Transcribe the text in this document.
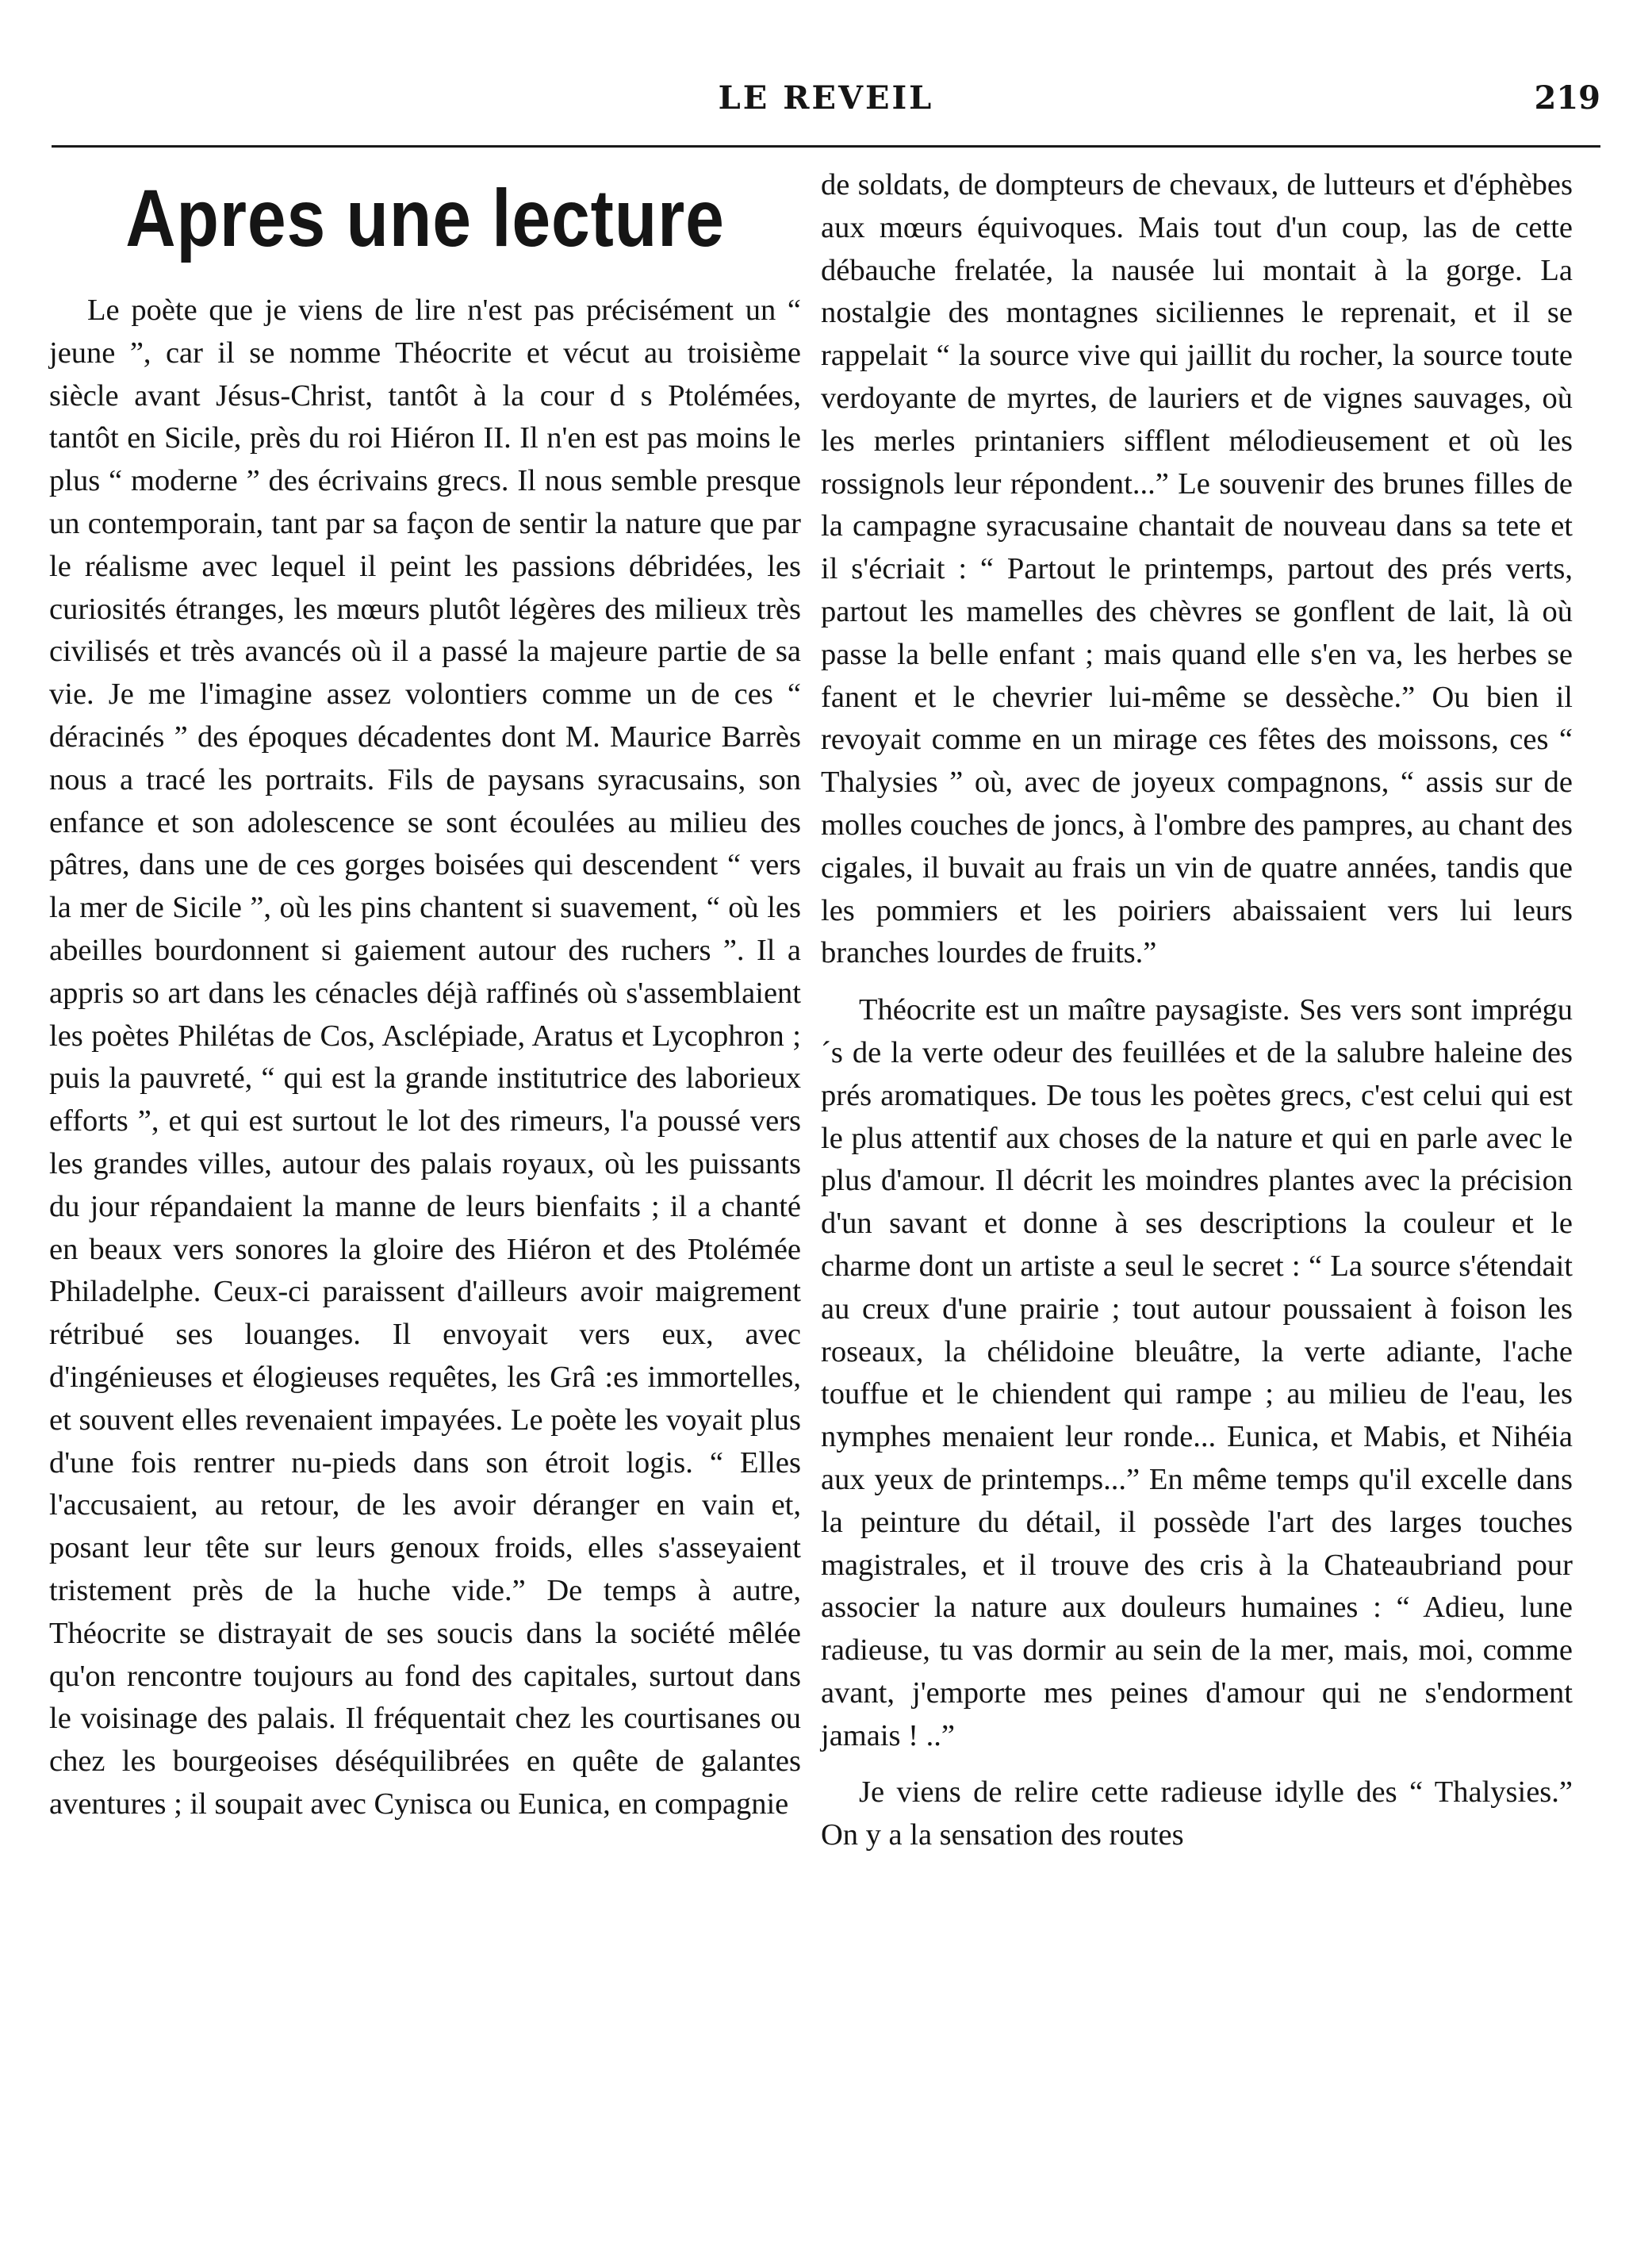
LE REVEIL	219
Apres une lecture

Le poète que je viens de lire n'est pas précisément un “ jeune ”, car il se nomme Théocrite et vécut au troisième siècle avant Jésus-Christ, tantôt à la cour d s Ptolémées, tantôt en Sicile, près du roi Hiéron II. Il n'en est pas moins le plus “ moderne ” des écrivains grecs. Il nous semble presque un contemporain, tant par sa façon de sentir la nature que par le réalisme avec lequel il peint les passions débridées, les curiosités étranges, les mœurs plutôt légères des milieux très civilisés et très avancés où il a passé la majeure partie de sa vie. Je me l'imagine assez volontiers comme un de ces “ déracinés ” des époques décadentes dont M. Maurice Barrès nous a tracé les portraits. Fils de paysans syracusains, son enfance et son adolescence se sont écoulées au milieu des pâtres, dans une de ces gorges boisées qui descendent “ vers la mer de Sicile ”, où les pins chantent si suavement, “ où les abeilles bourdonnent si gaiement autour des ruchers ”. Il a appris so art dans les cénacles déjà raffinés où s'assemblaient les poètes Philétas de Cos, Asclépiade, Aratus et Lycophron ; puis la pauvreté, “ qui est la grande institutrice des laborieux efforts ”, et qui est surtout le lot des rimeurs, l'a poussé vers les grandes villes, autour des palais royaux, où les puissants du jour répandaient la manne de leurs bienfaits ; il a chanté en beaux vers sonores la gloire des Hiéron et des Ptolémée Philadelphe. Ceux-ci paraissent d'ailleurs avoir maigrement rétribué ses louanges. Il envoyait vers eux, avec d'ingénieuses et élogieuses requêtes, les Grâ :es immortelles, et souvent elles revenaient impayées. Le poète les voyait plus d'une fois rentrer nu-pieds dans son étroit logis. “ Elles l'accusaient, au retour, de les avoir déranger en vain et, posant leur tête sur leurs genoux froids, elles s'asseyaient tristement près de la huche vide.” De temps à autre, Théocrite se distrayait de ses soucis dans la société mêlée qu'on rencontre toujours au fond des capitales, surtout dans le voisinage des palais. Il fréquentait chez les courtisanes ou chez les bourgeoises déséquilibrées en quête de galantes aventures ; il soupait avec Cynisca ou Eunica, en compagnie

de soldats, de dompteurs de chevaux, de lutteurs et d'éphèbes aux mœurs équivoques. Mais tout d'un coup, las de cette débauche frelatée, la nausée lui montait à la gorge. La nostalgie des montagnes siciliennes le reprenait, et il se rappelait “ la source vive qui jaillit du rocher, la source toute verdoyante de myrtes, de lauriers et de vignes sauvages, où les merles printaniers sifflent mélodieusement et où les rossignols leur répondent...” Le souvenir des brunes filles de la campagne syracusaine chantait de nouveau dans sa tete et il s'écriait : “ Partout le printemps, partout des prés verts, partout les mamelles des chèvres se gonflent de lait, là où passe la belle enfant ; mais quand elle s'en va, les herbes se fanent et le chevrier lui-même se dessèche.” Ou bien il revoyait comme en un mirage ces fêtes des moissons, ces “ Thalysies ” où, avec de joyeux compagnons, “ assis sur de molles couches de joncs, à l'ombre des pampres, au chant des cigales, il buvait au frais un vin de quatre années, tandis que les pommiers et les poiriers abaissaient vers lui leurs branches lourdes de fruits.”

Théocrite est un maître paysagiste. Ses vers sont imprégu´s de la verte odeur des feuillées et de la salubre haleine des prés aromatiques. De tous les poètes grecs, c'est celui qui est le plus attentif aux choses de la nature et qui en parle avec le plus d'amour. Il décrit les moindres plantes avec la précision d'un savant et donne à ses descriptions la couleur et le charme dont un artiste a seul le secret : “ La source s'étendait au creux d'une prairie ; tout autour poussaient à foison les roseaux, la chélidoine bleuâtre, la verte adiante, l'ache touffue et le chiendent qui rampe ; au milieu de l'eau, les nymphes menaient leur ronde... Eunica, et Mabis, et Nihéia aux yeux de printemps...” En même temps qu'il excelle dans la peinture du détail, il possède l'art des larges touches magistrales, et il trouve des cris à la Chateaubriand pour associer la nature aux douleurs humaines : “ Adieu, lune radieuse, tu vas dormir au sein de la mer, mais, moi, comme avant, j'emporte mes peines d'amour qui ne s'endorment jamais ! ..”

Je viens de relire cette radieuse idylle des “ Thalysies.” On y a la sensation des routes
